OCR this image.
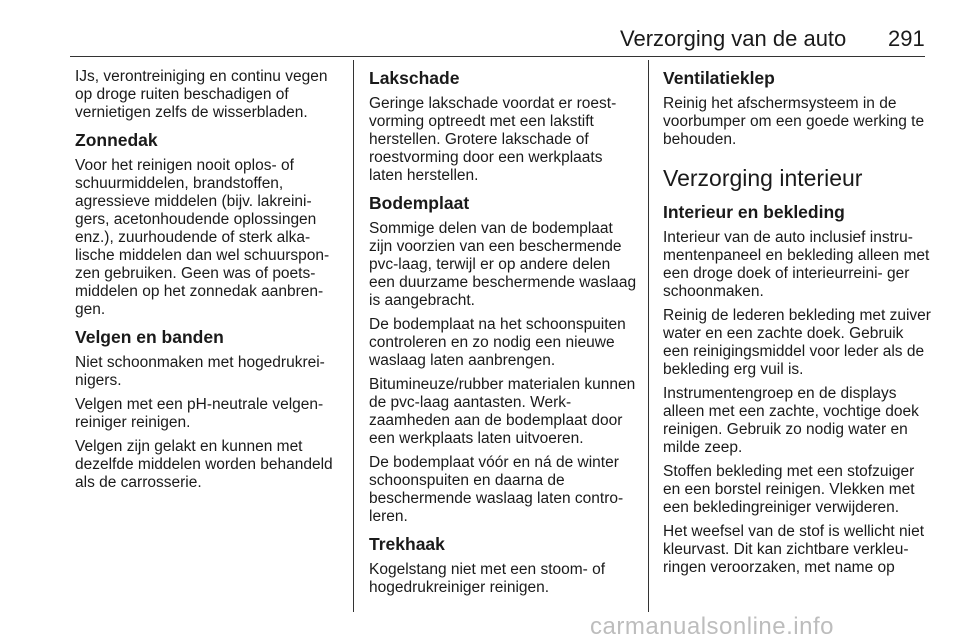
Verzorging van de auto 291

IJs, verontreiniging en continu vegen op droge ruiten beschadigen of vernietigen zelfs de wisserbladen.

Zonnedak

Voor het reinigen nooit oplos- of schuurmiddelen, brandstoffen, agressieve middelen (bijv. lakreini- gers, acetonhoudende oplossingen enz.), zuurhoudende of sterk alka- lische middelen dan wel schuurspon- zen gebruiken. Geen was of poets- middelen op het zonnedak aanbren- gen.

Velgen en banden

Niet schoonmaken met hogedrukrei- nigers.

Velgen met een pH-neutrale velgen- reiniger reinigen.

Velgen zijn gelakt en kunnen met dezelfde middelen worden behandeld als de carrosserie.

Lakschade

Geringe lakschade voordat er roest- vorming optreedt met een lakstift herstellen. Grotere lakschade of roestvorming door een werkplaats laten herstellen.

Bodemplaat

Sommige delen van de bodemplaat zijn voorzien van een beschermende pvc-laag, terwijl er op andere delen een duurzame beschermende waslaag is aangebracht.

De bodemplaat na het schoonspuiten controleren en zo nodig een nieuwe waslaag laten aanbrengen.

Bitumineuze/rubber materialen kunnen de pvc-laag aantasten. Werk- zaamheden aan de bodemplaat door een werkplaats laten uitvoeren.

De bodemplaat vóór en ná de winter schoonspuiten en daarna de beschermende waslaag laten contro- leren.

Trekhaak

Kogelstang niet met een stoom- of hogedrukreiniger reinigen.

Ventilatieklep

Reinig het afschermsysteem in de voorbumper om een goede werking te behouden.

Verzorging interieur
Interieur en bekleding

Interieur van de auto inclusief instru- mentenpaneel en bekleding alleen met een droge doek of interieurreini- ger schoonmaken.

Reinig de lederen bekleding met zuiver water en een zachte doek. Gebruik een reinigingsmiddel voor leder als de bekleding erg vuil is.

Instrumentengroep en de displays alleen met een zachte, vochtige doek reinigen. Gebruik zo nodig water en milde zeep.

Stoffen bekleding met een stofzuiger en een borstel reinigen. Vlekken met een bekledingreiniger verwijderen.

Het weefsel van de stof is wellicht niet kleurvast. Dit kan zichtbare verkleu- ringen veroorzaken, met name op

carmanualsonline.info
